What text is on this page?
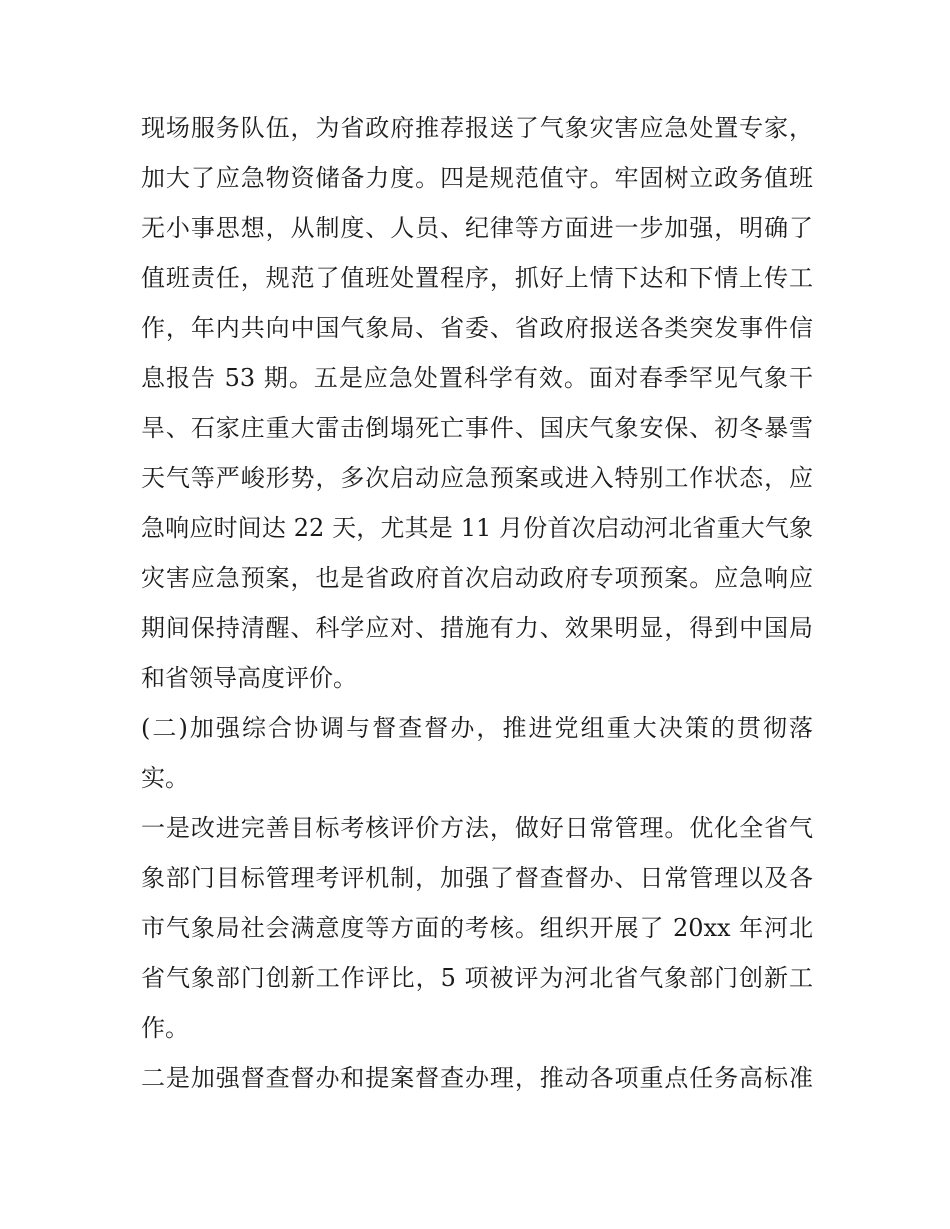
现场服务队伍，为省政府推荐报送了气象灾害应急处置专家，
加大了应急物资储备力度。四是规范值守。牢固树立政务值班
无小事思想，从制度、人员、纪律等方面进一步加强，明确了
值班责任，规范了值班处置程序，抓好上情下达和下情上传工
作，年内共向中国气象局、省委、省政府报送各类突发事件信
息报告 53 期。五是应急处置科学有效。面对春季罕见气象干
旱、石家庄重大雷击倒塌死亡事件、国庆气象安保、初冬暴雪
天气等严峻形势，多次启动应急预案或进入特别工作状态，应
急响应时间达 22 天，尤其是 11 月份首次启动河北省重大气象
灾害应急预案，也是省政府首次启动政府专项预案。应急响应
期间保持清醒、科学应对、措施有力、效果明显，得到中国局
和省领导高度评价。
(二)加强综合协调与督查督办，推进党组重大决策的贯彻落
实。
一是改进完善目标考核评价方法，做好日常管理。优化全省气
象部门目标管理考评机制，加强了督查督办、日常管理以及各
市气象局社会满意度等方面的考核。组织开展了 20xx 年河北
省气象部门创新工作评比，5 项被评为河北省气象部门创新工
作。
二是加强督查督办和提案督查办理，推动各项重点任务高标准
